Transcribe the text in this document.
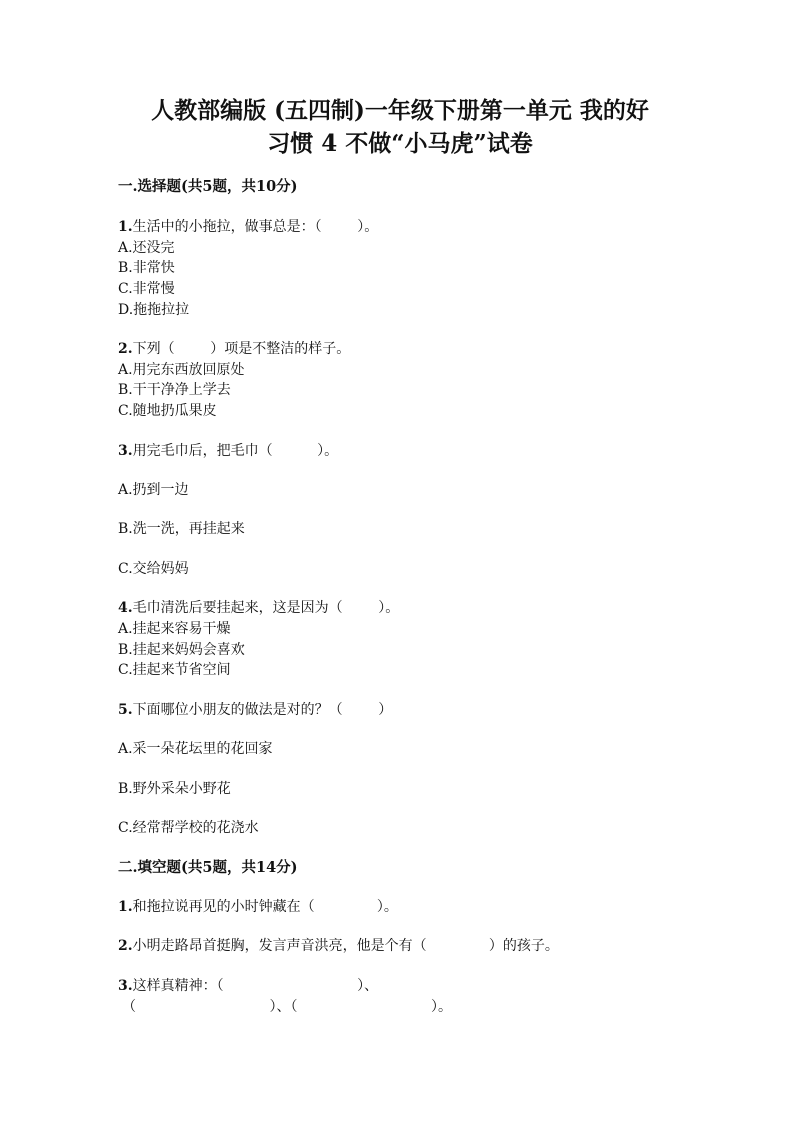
人教部编版 (五四制)一年级下册第一单元 我的好
习惯 4 不做“小马虎”试卷
一.选择题(共5题，共10分)
1.生活中的小拖拉，做事总是：（        ）。
A.还没完
B.非常快
C.非常慢
D.拖拖拉拉
2.下列（        ）项是不整洁的样子。
A.用完东西放回原处
B.干干净净上学去
C.随地扔瓜果皮
3.用完毛巾后，把毛巾（          ）。
A.扔到一边
B.洗一洗，再挂起来
C.交给妈妈
4.毛巾清洗后要挂起来，这是因为（        ）。
A.挂起来容易干燥
B.挂起来妈妈会喜欢
C.挂起来节省空间
5.下面哪位小朋友的做法是对的？（        ）
A.采一朵花坛里的花回家
B.野外采朵小野花
C.经常帮学校的花浇水
二.填空题(共5题，共14分)
1.和拖拉说再见的小时钟藏在（              ）。
2.小明走路昂首挺胸，发言声音洪亮，他是个有（              ）的孩子。
3.这样真精神：（                              ）、
（                              ）、（                              ）。
